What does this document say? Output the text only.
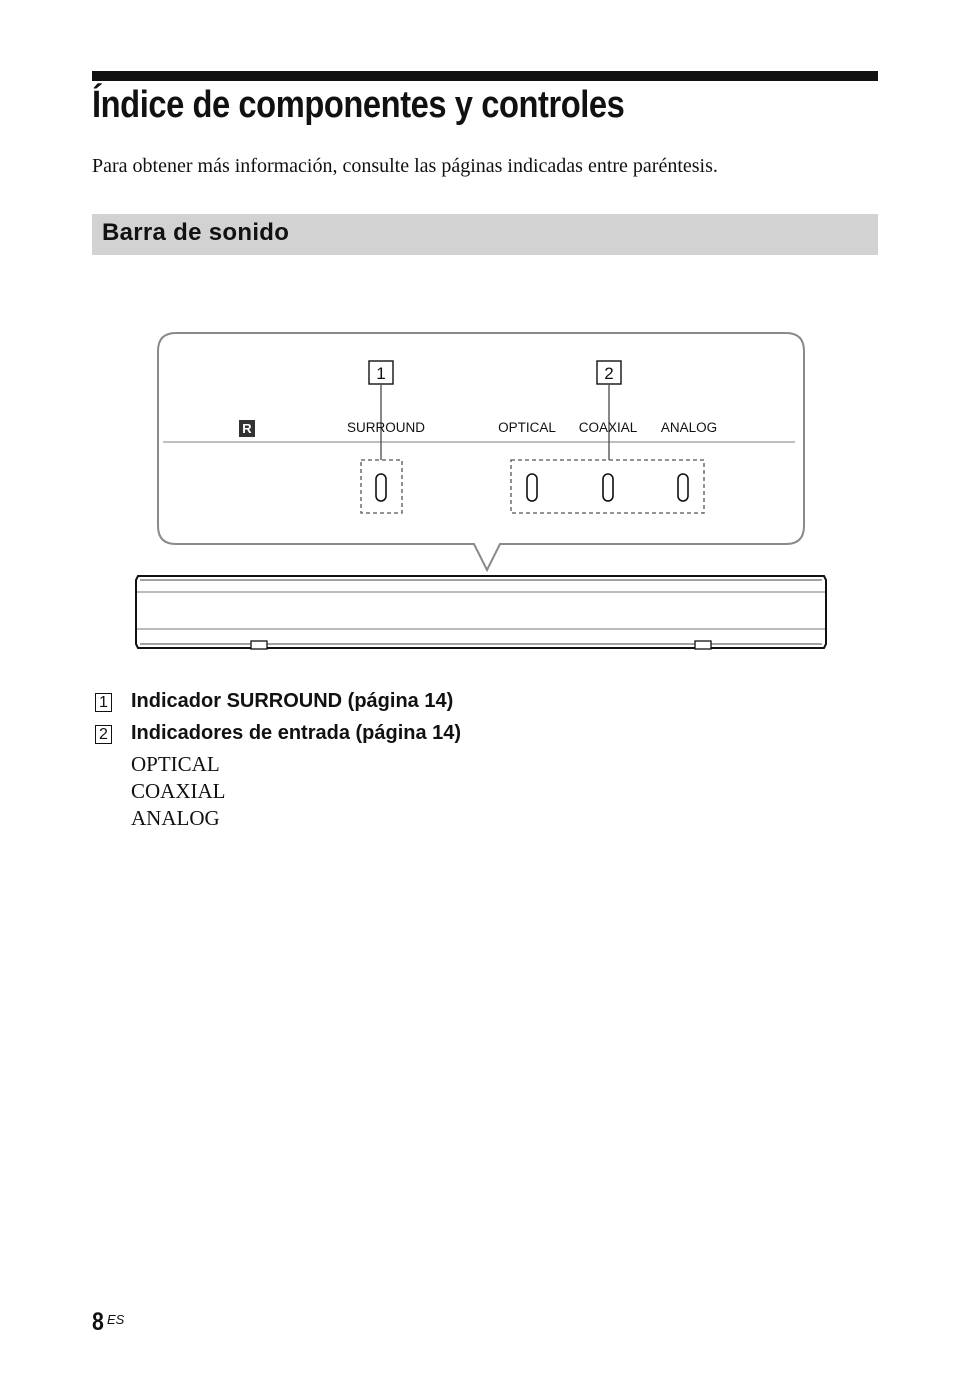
Índice de componentes y controles
Para obtener más información, consulte las páginas indicadas entre paréntesis.
Barra de sonido
1	2
R	SURROUND	OPTICAL COAXIAL ANALOG
1 Indicador SURROUND (página 14)
2 Indicadores de entrada (página 14)
OPTICAL
COAXIAL
ANALOG
8 ES
